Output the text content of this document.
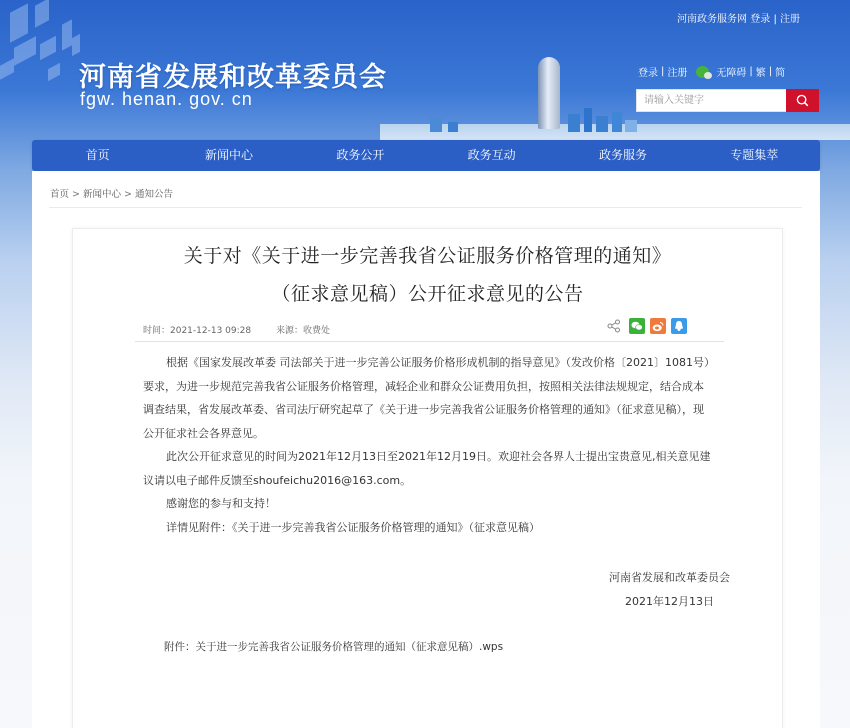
河南省发展和改革委员会
fgw. henan. gov. cn
河南政务服务网 登录 | 注册
登录 | 注册	无障碍 | 繁 | 简
请输入关键字
首页	新闻中心	政务公开	政务互动	政务服务	专题集萃
首页 > 新闻中心 > 通知公告
关于对《关于进一步完善我省公证服务价格管理的通知》
（征求意见稿）公开征求意见的公告
时间：2021-12-13 09:28	来源：收费处

根据《国家发展改革委 司法部关于进一步完善公证服务价格形成机制的指导意见》（发改价格〔2021〕1081号）要求，为进一步规范完善我省公证服务价格管理，减轻企业和群众公证费用负担，按照相关法律法规规定，结合成本调查结果，省发展改革委、省司法厅研究起草了《关于进一步完善我省公证服务价格管理的通知》（征求意见稿），现公开征求社会各界意见。

此次公开征求意见的时间为2021年12月13日至2021年12月19日。欢迎社会各界人士提出宝贵意见,相关意见建议请以电子邮件反馈至shoufeichu2016@163.com。

感谢您的参与和支持！

详情见附件：《关于进一步完善我省公证服务价格管理的通知》（征求意见稿）

河南省发展和改革委员会
2021年12月13日
附件：关于进一步完善我省公证服务价格管理的通知（征求意见稿）.wps
